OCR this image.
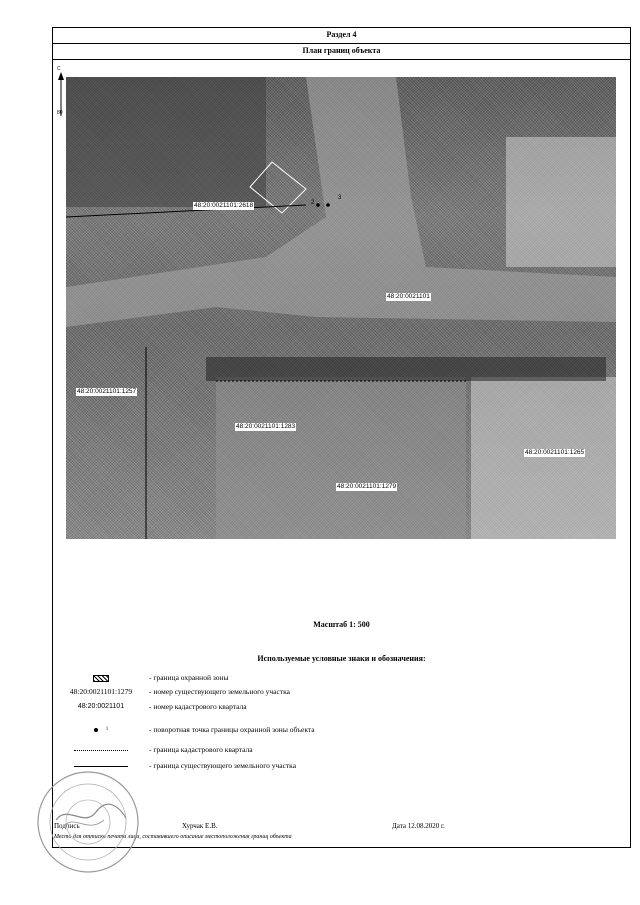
Раздел 4
План границ объекта
С
80
2
3
48:20:0021101:2618
48:20:0021101
48:20:0021101:1257
48:20:0021101:1283
48:20:0021101:1265
48:20:0021101:1279
Масштаб 1: 500
Используемые условные знаки и обозначения:
- граница охранной зоны
48:20:0021101:1279	- номер существующего земельного участка
48:20:0021101	- номер кадастрового квартала
1	- поворотная точка границы охранной зоны объекта
- граница кадастрового квартала
- граница существующего земельного участка
Подпись	Хурчак Е.В.	Дата 12.08.2020 г.
Место для оттиска печати лица, составившего описание местоположения границ объекта
